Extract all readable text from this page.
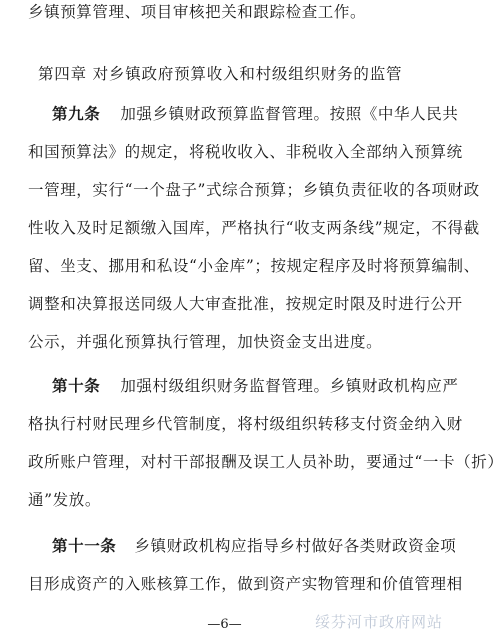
乡镇预算管理、项目审核把关和跟踪检查工作。
第四章 对乡镇政府预算收入和村级组织财务的监管
第九条 加强乡镇财政预算监督管理。按照《中华人民共
和国预算法》的规定，将税收收入、非税收入全部纳入预算统
一管理，实行“一个盘子”式综合预算；乡镇负责征收的各项财政
性收入及时足额缴入国库，严格执行“收支两条线”规定，不得截
留、坐支、挪用和私设“小金库”；按规定程序及时将预算编制、
调整和决算报送同级人大审查批准，按规定时限及时进行公开
公示，并强化预算执行管理，加快资金支出进度。
第十条 加强村级组织财务监督管理。乡镇财政机构应严
格执行村财民理乡代管制度，将村级组织转移支付资金纳入财
政所账户管理，对村干部报酬及误工人员补助，要通过“一卡（折）
通”发放。
第十一条 乡镇财政机构应指导乡村做好各类财政资金项
目形成资产的入账核算工作，做到资产实物管理和价值管理相
—6—	绥芬河市政府网站
